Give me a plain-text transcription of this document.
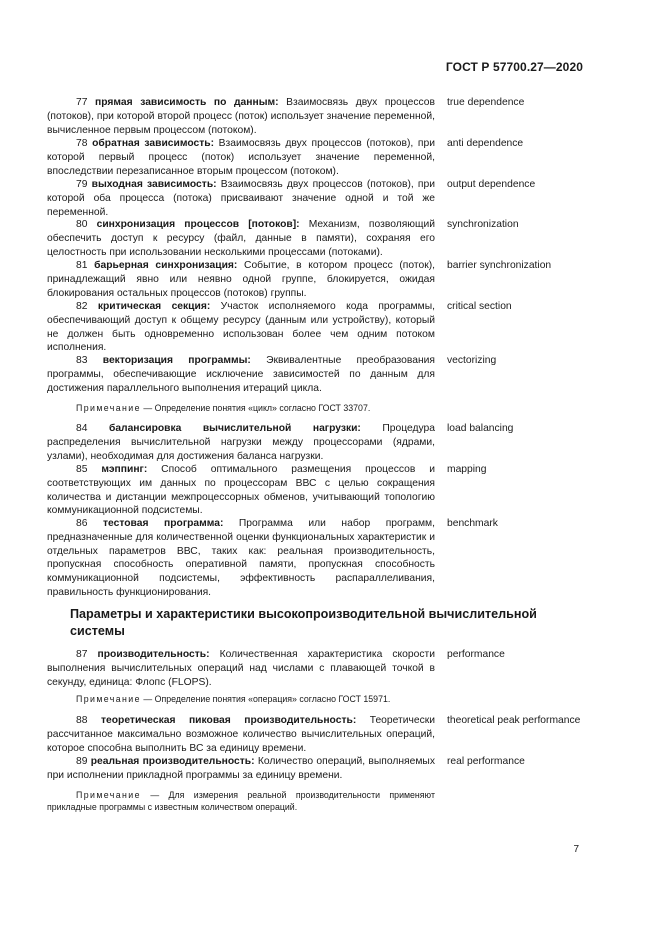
ГОСТ Р 57700.27—2020
77 прямая зависимость по данным: Взаимосвязь двух процессов (потоков), при которой второй процесс (поток) использует значение переменной, вычисленное первым процессом (потоком).
true dependence
78 обратная зависимость: Взаимосвязь двух процессов (потоков), при которой первый процесс (поток) использует значение переменной, впоследствии перезаписанное вторым процессом (потоком).
anti dependence
79 выходная зависимость: Взаимосвязь двух процессов (потоков), при которой оба процесса (потока) присваивают значение одной и той же переменной.
output dependence
80 синхронизация процессов [потоков]: Механизм, позволяющий обеспечить доступ к ресурсу (файл, данные в памяти), сохраняя его целостность при использовании несколькими процессами (потоками).
synchronization
81 барьерная синхронизация: Событие, в котором процесс (поток), принадлежащий явно или неявно одной группе, блокируется, ожидая блокирования остальных процессов (потоков) группы.
barrier synchronization
82 критическая секция: Участок исполняемого кода программы, обеспечивающий доступ к общему ресурсу (данным или устройству), который не должен быть одновременно использован более чем одним потоком исполнения.
critical section
83 векторизация программы: Эквивалентные преобразования программы, обеспечивающие исключение зависимостей по данным для достижения параллельного выполнения итераций цикла.
vectorizing
Примечание — Определение понятия «цикл» согласно ГОСТ 33707.
84 балансировка вычислительной нагрузки: Процедура распределения вычислительной нагрузки между процессорами (ядрами, узлами), необходимая для достижения баланса нагрузки.
load balancing
85 мэппинг: Способ оптимального размещения процессов и соответствующих им данных по процессорам ВВС с целью сокращения количества и дистанции межпроцессорных обменов, учитывающий топологию коммуникационной подсистемы.
mapping
86 тестовая программа: Программа или набор программ, предназначенные для количественной оценки функциональных характеристик и отдельных параметров ВВС, таких как: реальная производительность, пропускная способность оперативной памяти, пропускная способность коммуникационной подсистемы, эффективность распараллеливания, правильность функционирования.
benchmark
Параметры и характеристики высокопроизводительной вычислительной системы
87 производительность: Количественная характеристика скорости выполнения вычислительных операций над числами с плавающей точкой в секунду, единица: Флопс (FLOPS).
performance
Примечание — Определение понятия «операция» согласно ГОСТ 15971.
88 теоретическая пиковая производительность: Теоретически рассчитанное максимально возможное количество вычислительных операций, которое способна выполнить ВС за единицу времени.
theoretical peak performance
89 реальная производительность: Количество операций, выполняемых при исполнении прикладной программы за единицу времени.
real performance
Примечание — Для измерения реальной производительности применяют прикладные программы с известным количеством операций.
7
